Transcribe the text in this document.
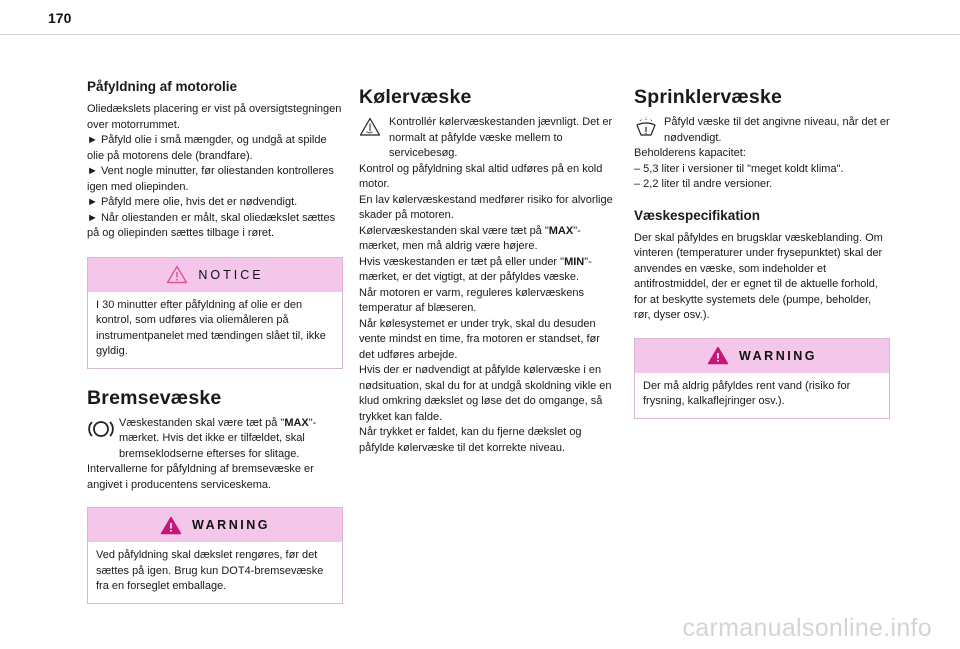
170
Påfyldning af motorolie

Oliedækslets placering er vist på oversigtstegningen over motorrummet.

► Påfyld olie i små mængder, og undgå at spilde olie på motorens dele (brandfare).

► Vent nogle minutter, før oliestanden kontrolleres igen med oliepinden.

► Påfyld mere olie, hvis det er nødvendigt.

► Når oliestanden er målt, skal oliedækslet sættes på og oliepinden sættes tilbage i røret.

NOTICE

I 30 minutter efter påfyldning af olie er den kontrol, som udføres via oliemåleren på instrumentpanelet med tændingen slået til, ikke gyldig.

Bremsevæske

Væskestanden skal være tæt på "MAX"-mærket. Hvis det ikke er tilfældet, skal bremseklodserne efterses for slitage.

Intervallerne for påfyldning af bremsevæske er angivet i producentens serviceskema.

WARNING

Ved påfyldning skal dækslet rengøres, før det sættes på igen. Brug kun DOT4-bremsevæske fra en forseglet emballage.

Kølervæske

Kontrollér kølervæskestanden jævnligt. Det er normalt at påfylde væske mellem to servicebesøg.

Kontrol og påfyldning skal altid udføres på en kold motor.

En lav kølervæskestand medfører risiko for alvorlige skader på motoren.

Kølervæskestanden skal være tæt på "MAX"-mærket, men må aldrig være højere.

Hvis væskestanden er tæt på eller under "MIN"-mærket, er det vigtigt, at der påfyldes væske.

Når motoren er varm, reguleres kølervæskens temperatur af blæseren.

Når kølesystemet er under tryk, skal du desuden vente mindst en time, fra motoren er standset, før det udføres arbejde.

Hvis der er nødvendigt at påfylde kølervæske i en nødsituation, skal du for at undgå skoldning vikle en klud omkring dækslet og løse det do omgange, så trykket kan falde.

Når trykket er faldet, kan du fjerne dækslet og påfylde kølervæske til det korrekte niveau.

Sprinklervæske

Påfyld væske til det angivne niveau, når det er nødvendigt.

Beholderens kapacitet:

– 5,3 liter i versioner til "meget koldt klima".

– 2,2 liter til andre versioner.

Væskespecifikation

Der skal påfyldes en brugsklar væskeblanding. Om vinteren (temperaturer under frysepunktet) skal der anvendes en væske, som indeholder et antifrostmiddel, der er egnet til de aktuelle forhold, for at beskytte systemets dele (pumpe, beholder, rør, dyser osv.).

WARNING

Der må aldrig påfyldes rent vand (risiko for frysning, kalkaflejringer osv.).

carmanualsonline.info
